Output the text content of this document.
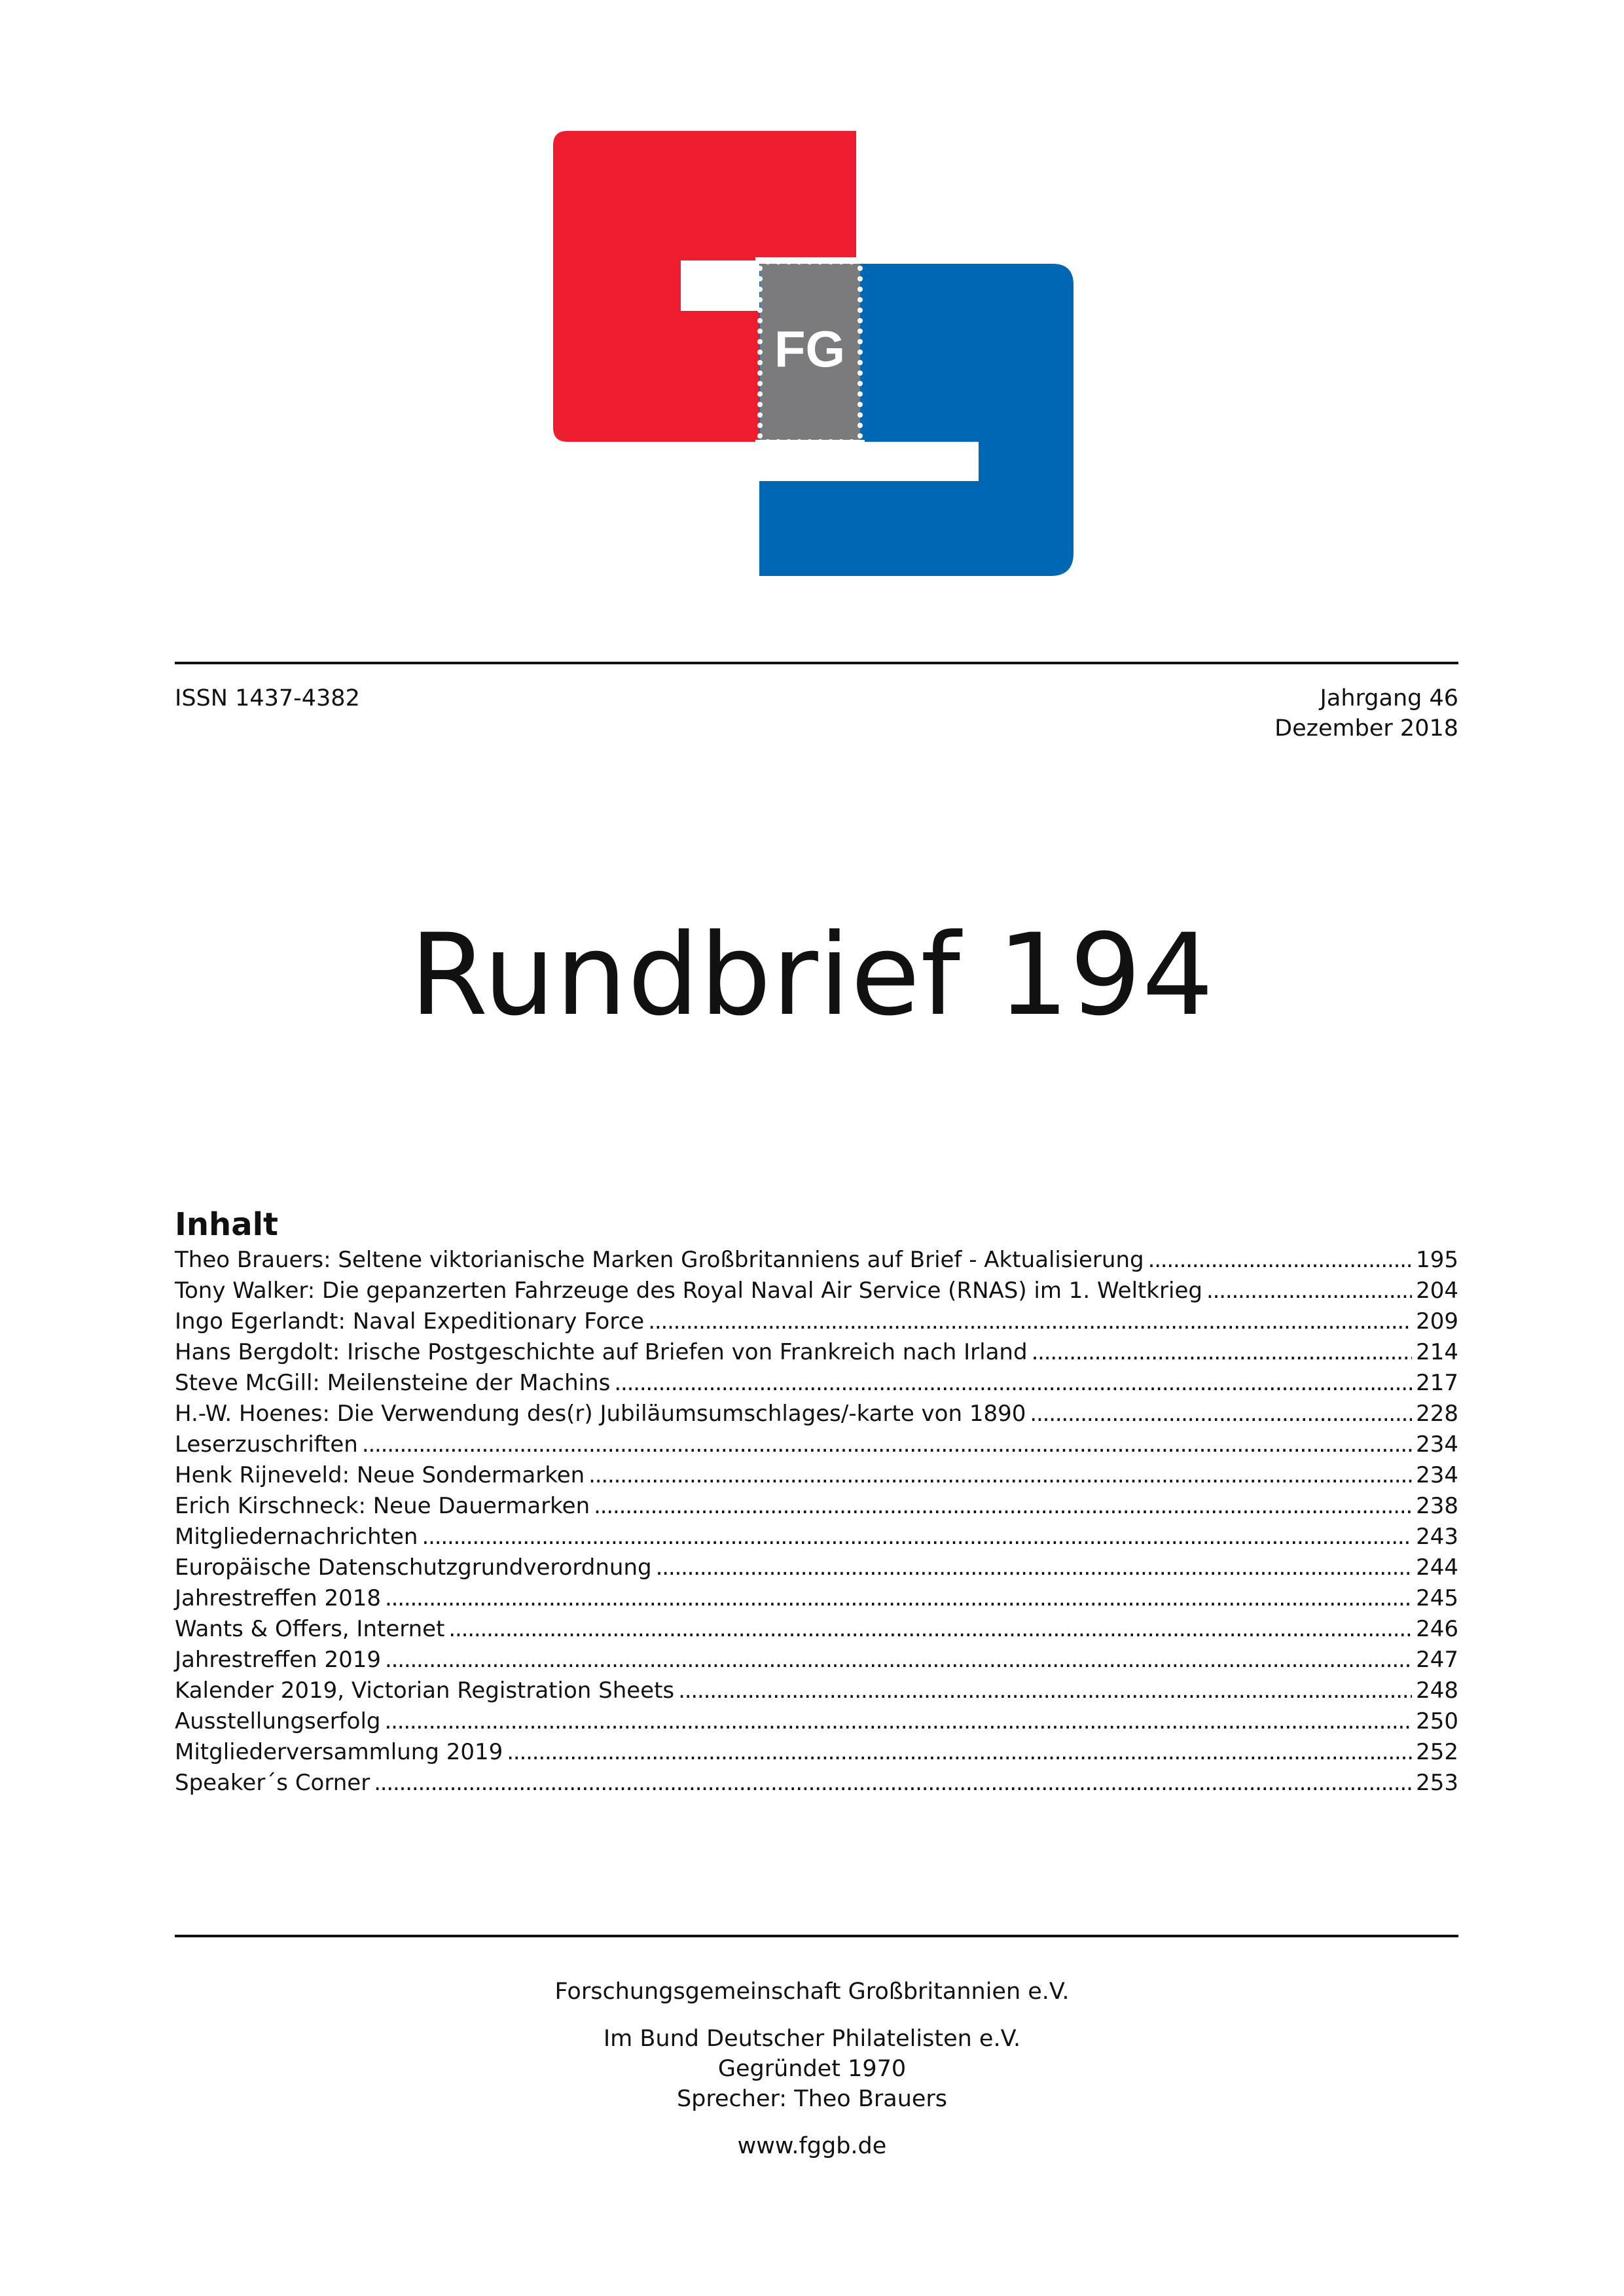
FG
ISSN 1437-4382	Jahrgang 46
Dezember 2018
Rundbrief 194
Inhalt
Theo Brauers: Seltene viktorianische Marken Großbritanniens auf Brief - Aktualisierung . . .	195
Tony Walker: Die gepanzerten Fahrzeuge des Royal Naval Air Service (RNAS) im 1. Weltkrieg . . .	204
Ingo Egerlandt: Naval Expeditionary Force . . .	209
Hans Bergdolt: Irische Postgeschichte auf Briefen von Frankreich nach Irland . . .	214
Steve McGill: Meilensteine der Machins . . .	217
H.-W. Hoenes: Die Verwendung des(r) Jubiläumsumschlages/-karte von 1890 . . .	228
Leserzuschriften . . .	234
Henk Rijneveld: Neue Sondermarken . . .	234
Erich Kirschneck: Neue Dauermarken . . .	238
Mitgliedernachrichten . . .	243
Europäische Datenschutzgrundverordnung . . .	244
Jahrestreffen 2018 . . .	245
Wants & Offers, Internet . . .	246
Jahrestreffen 2019 . . .	247
Kalender 2019, Victorian Registration Sheets . . .	248
Ausstellungserfolg . . .	250
Mitgliederversammlung 2019 . . .	252
Speaker´s Corner . . .	253
Forschungsgemeinschaft Großbritannien e.V.
Im Bund Deutscher Philatelisten e.V.
Gegründet 1970
Sprecher: Theo Brauers
www.fggb.de
